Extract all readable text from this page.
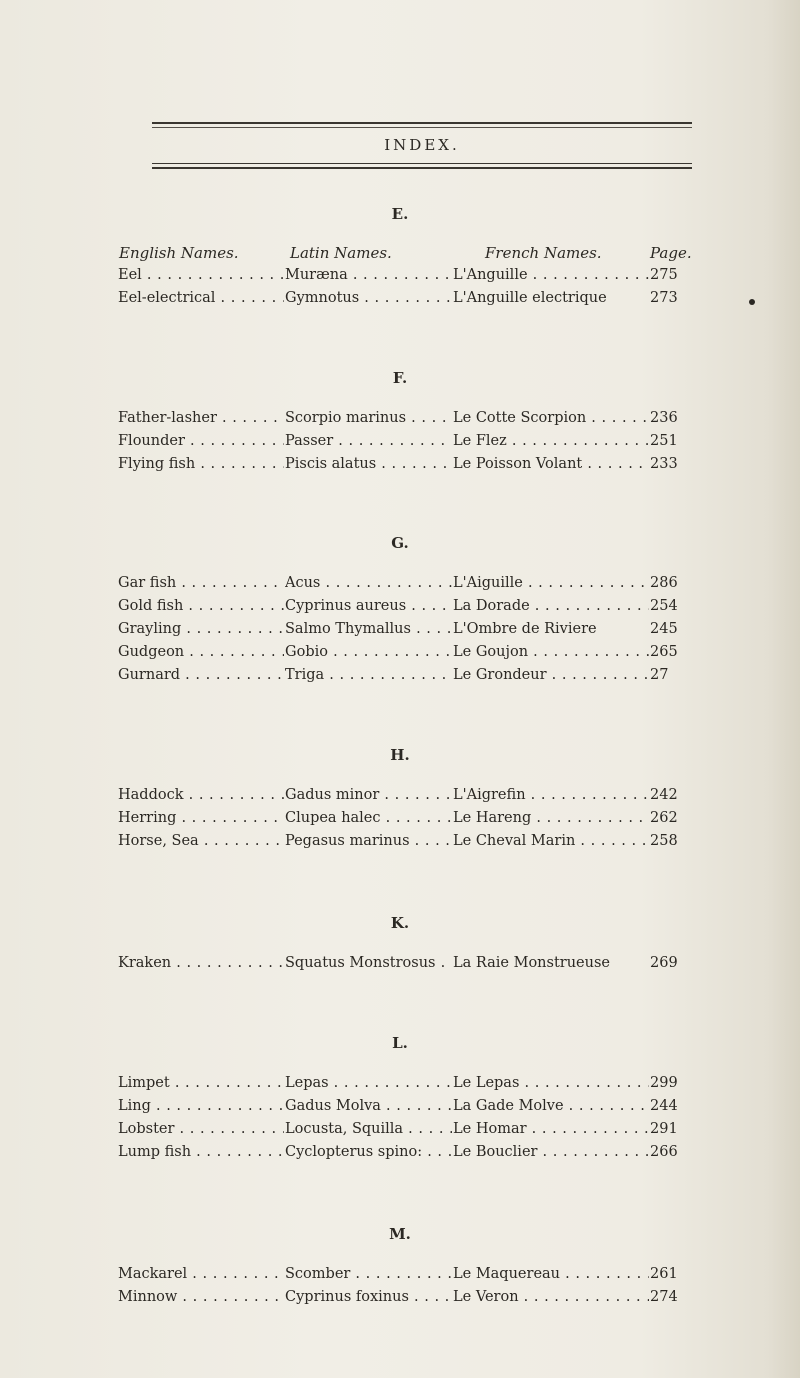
INDEX.
E.
English Names.	Latin Names.	French Names.	Page.
Eel . . .	Muræna . . .	L'Anguille . . .	275
Eel-electrical . . .	Gymnotus . . .	L'Anguille electrique	273
F.
Father-lasher . . .	Scorpio marinus . . .	Le Cotte Scorpion . . .	236
Flounder . . .	Passer . . .	Le Flez . . .	251
Flying fish . . .	Piscis alatus . . .	Le Poisson Volant . . .	233
G.
Gar fish . . .	Acus . . .	L'Aiguille . . .	286
Gold fish . . .	Cyprinus aureus . . .	La Dorade . . .	254
Grayling . . .	Salmo Thymallus . . .	L'Ombre de Riviere	245
Gudgeon . . .	Gobio . . .	Le Goujon . . .	265
Gurnard . . .	Triga . . .	Le Grondeur . . .	27
H.
Haddock . . .	Gadus minor . . .	L'Aigrefin . . .	242
Herring . . .	Clupea halec . . .	Le Hareng . . .	262
Horse, Sea . . .	Pegasus marinus . . .	Le Cheval Marin . . .	258
K.
Kraken . . .	Squatus Monstrosus . . .	La Raie Monstrueuse	269
L.
Limpet . . .	Lepas . . .	Le Lepas . . .	299
Ling . . .	Gadus Molva . . .	La Gade Molve . . .	244
Lobster . . .	Locusta, Squilla . . .	Le Homar . . .	291
Lump fish . . .	Cyclopterus spino: . . .	Le Bouclier . . .	266
M.
Mackarel . . .	Scomber . . .	Le Maquereau . . .	261
Minnow . . .	Cyprinus foxinus . . .	Le Veron . . .	274
